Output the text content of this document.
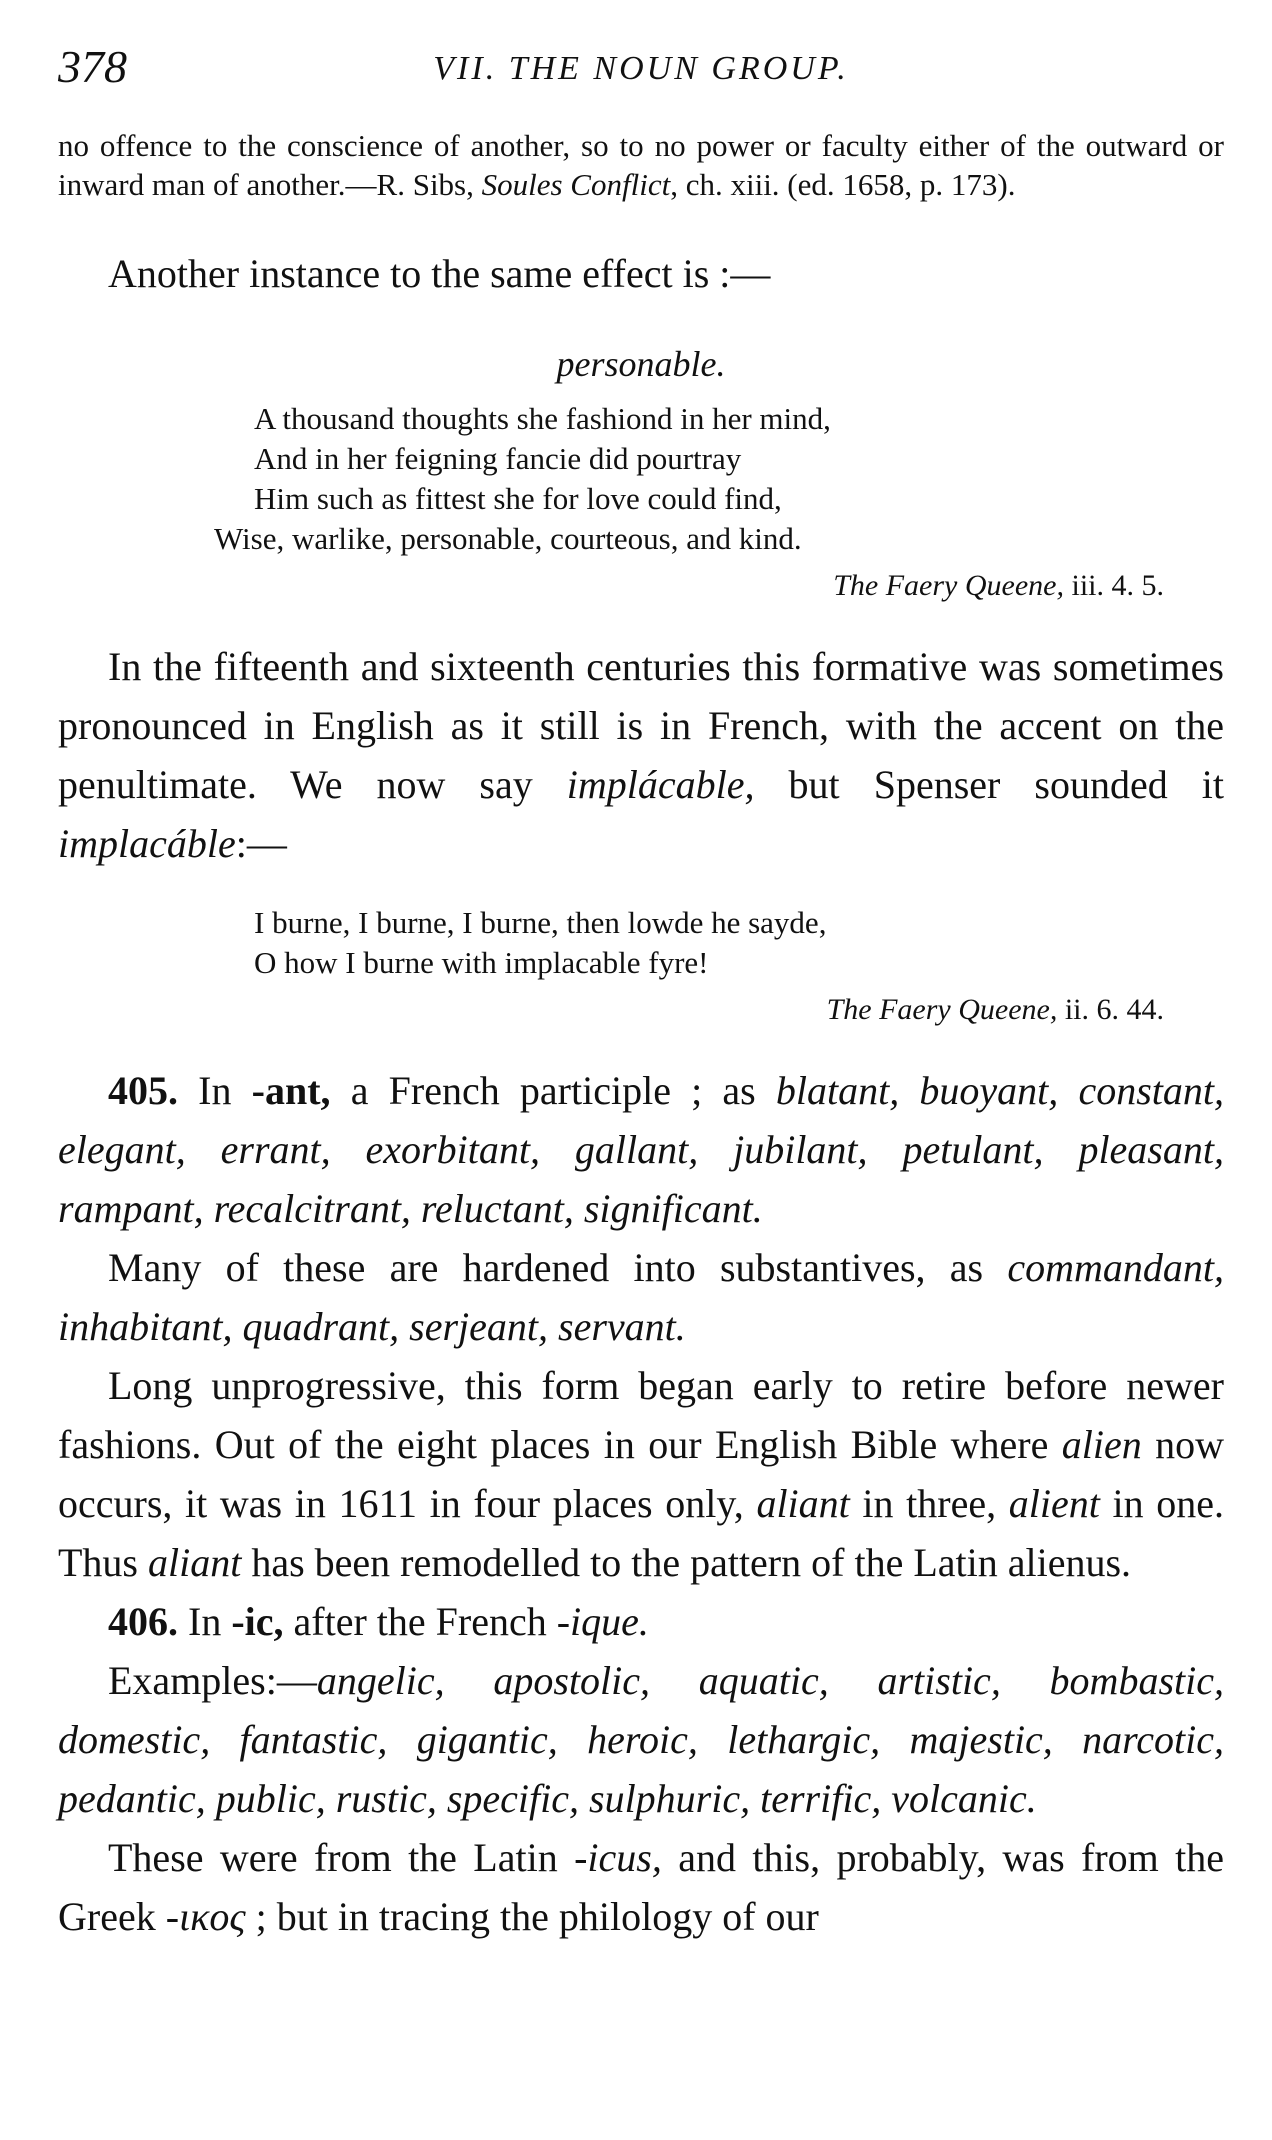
378	VII. THE NOUN GROUP.

no offence to the conscience of another, so to no power or faculty either of the outward or inward man of another.—R. Sibs, Soules Conflict, ch. xiii. (ed. 1658, p. 173).

Another instance to the same effect is :—

personable.
A thousand thoughts she fashiond in her mind,
And in her feigning fancie did pourtray
Him such as fittest she for love could find,
Wise, warlike, personable, courteous, and kind.
The Faery Queene, iii. 4. 5.

In the fifteenth and sixteenth centuries this formative was sometimes pronounced in English as it still is in French, with the accent on the penultimate. We now say implácable, but Spenser sounded it implacáble:—

I burne, I burne, I burne, then lowde he sayde,
O how I burne with implacable fyre!
The Faery Queene, ii. 6. 44.

405. In -ant, a French participle ; as blatant, buoyant, constant, elegant, errant, exorbitant, gallant, jubilant, petulant, pleasant, rampant, recalcitrant, reluctant, significant.

Many of these are hardened into substantives, as commandant, inhabitant, quadrant, serjeant, servant.

Long unprogressive, this form began early to retire before newer fashions. Out of the eight places in our English Bible where alien now occurs, it was in 1611 in four places only, aliant in three, alient in one. Thus aliant has been remodelled to the pattern of the Latin alienus.

406. In -ic, after the French -ique.

Examples:—angelic, apostolic, aquatic, artistic, bombastic, domestic, fantastic, gigantic, heroic, lethargic, majestic, narcotic, pedantic, public, rustic, specific, sulphuric, terrific, volcanic.

These were from the Latin -icus, and this, probably, was from the Greek -ικος ; but in tracing the philology of our
